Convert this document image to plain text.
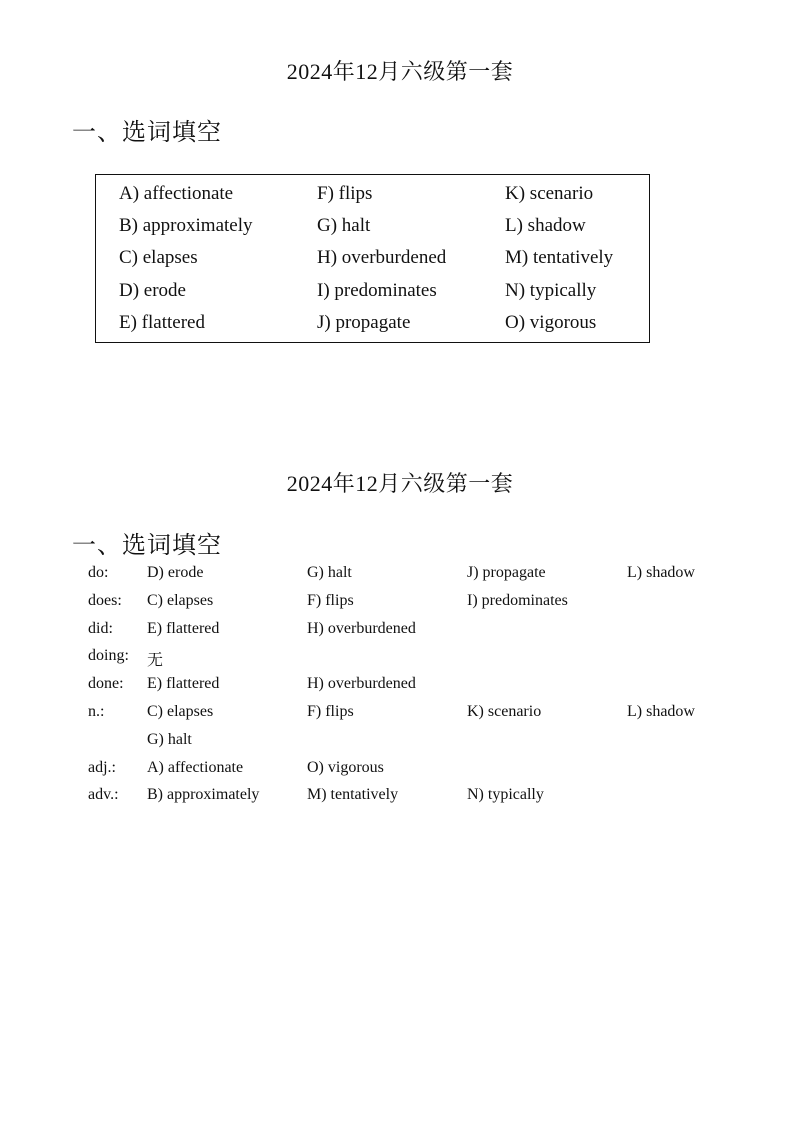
2024年12月六级第一套
一、选词填空
A) affectionate	F) flips	K) scenario
B) approximately	G) halt	L) shadow
C) elapses	H) overburdened	M) tentatively
D) erode	I) predominates	N) typically
E) flattered	J) propagate	O) vigorous
2024年12月六级第一套
一、选词填空
do: D) erode	G) halt	J) propagate	L) shadow
does: C) elapses	F) flips	I) predominates
did: E) flattered	H) overburdened
doing: 无
done: E) flattered	H) overburdened
n.:	C) elapses	F) flips	K) scenario	L) shadow
G) halt
adj.: A) affectionate	O) vigorous
adv.: B) approximately	M) tentatively	N) typically
